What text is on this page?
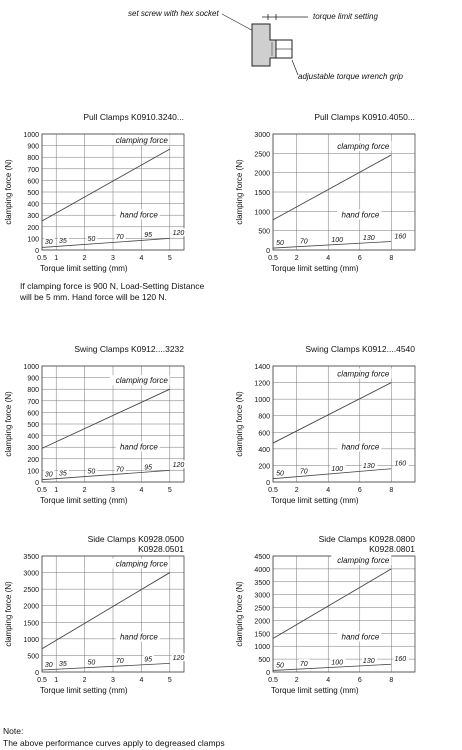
set screw with hex socket	torque limit setting
adjustable torque wrench grip
If clamping force is 900 N, Load-Setting Distance
will be 5 mm. Hand force will be 120 N.
Note:
The above performance curves apply to degreased clamps
Pull Clamps K0910.3240...
0
100
200
300
400
500
600
700
800
900
1000
0.5 1	2	3	4	5
Torque limit setting (mm)
clamping force (N)
clamping force
hand force
30 35	50	70	95	120
Pull Clamps K0910.4050...
0
500
1000
1500
2000
2500
3000
0.5 2	4	6	8
Torque limit setting (mm)
clamping force (N)
clamping force
hand force
50 70	100	130	160
Swing Clamps K0912....3232
0
100
200
300
400
500
600
700
800
900
1000
0.5 1	2	3	4	5
Torque limit setting (mm)
clamping force (N)
clamping force
hand force
30 35	50	70	95	120
Swing Clamps K0912....4540
0
200
400
600
800
1000
1200
1400
0.5 2	4	6	8
Torque limit setting (mm)
clamping force (N)
clamping force
hand force
50 70	100	130	160
Side Clamps K0928.0500
K0928.0501
0
500
1000
1500
2000
2500
3000
3500
0.5 1	2	3	4	5
Torque limit setting (mm)
clamping force (N)
clamping force
hand force
30 35	50	70	95	120
Side Clamps K0928.0800
K0928.0801
0
500
1000
1500
2000
2500
3000
3500
4000
4500
0.5 2	4	6	8
Torque limit setting (mm)
clamping force (N)
clamping force
hand force
50 70	100	130	160
